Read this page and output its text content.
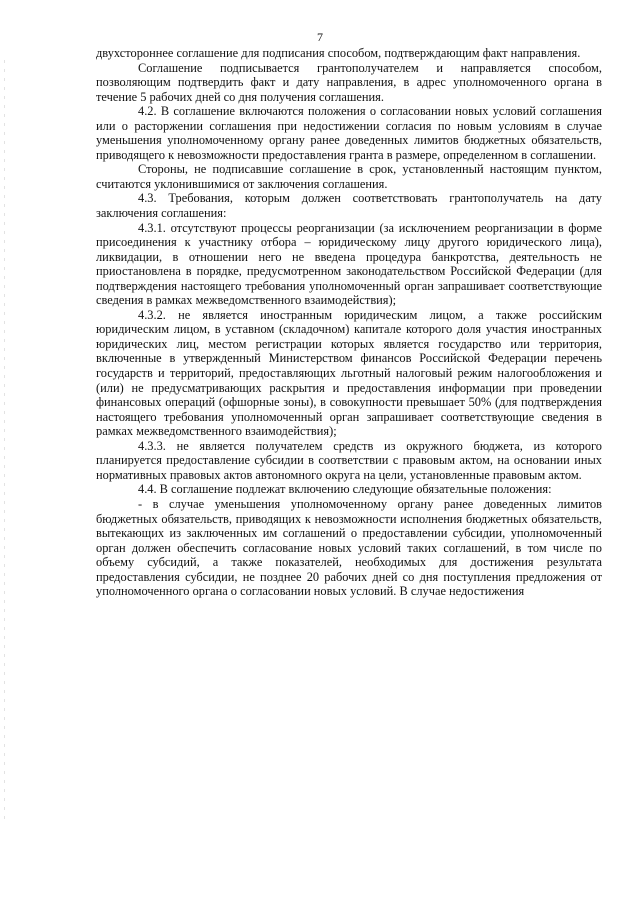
7

двухстороннее соглашение для подписания способом, подтверждающим факт направления.

Соглашение подписывается грантополучателем и направляется способом, позволяющим подтвердить факт и дату направления, в адрес уполномоченного органа в течение 5 рабочих дней со дня получения соглашения.

4.2. В соглашение включаются положения о согласовании новых условий соглашения или о расторжении соглашения при недостижении согласия по новым условиям в случае уменьшения уполномоченному органу ранее доведенных лимитов бюджетных обязательств, приводящего к невозможности предоставления гранта в размере, определенном в соглашении.

Стороны, не подписавшие соглашение в срок, установленный настоящим пунктом, считаются уклонившимися от заключения соглашения.

4.3. Требования, которым должен соответствовать грантополучатель на дату заключения соглашения:

4.3.1. отсутствуют процессы реорганизации (за исключением реорганизации в форме присоединения к участнику отбора – юридическому лицу другого юридического лица), ликвидации, в отношении него не введена процедура банкротства, деятельность не приостановлена в порядке, предусмотренном законодательством Российской Федерации (для подтверждения настоящего требования уполномоченный орган запрашивает соответствующие сведения в рамках межведомственного взаимодействия);

4.3.2. не является иностранным юридическим лицом, а также российским юридическим лицом, в уставном (складочном) капитале которого доля участия иностранных юридических лиц, местом регистрации которых является государство или территория, включенные в утвержденный Министерством финансов Российской Федерации перечень государств и территорий, предоставляющих льготный налоговый режим налогообложения и (или) не предусматривающих раскрытия и предоставления информации при проведении финансовых операций (офшорные зоны), в совокупности превышает 50% (для подтверждения настоящего требования уполномоченный орган запрашивает соответствующие сведения в рамках межведомственного взаимодействия);

4.3.3. не является получателем средств из окружного бюджета, из которого планируется предоставление субсидии в соответствии с правовым актом, на основании иных нормативных правовых актов автономного округа на цели, установленные правовым актом.

4.4. В соглашение подлежат включению следующие обязательные положения:

- в случае уменьшения уполномоченному органу ранее доведенных лимитов бюджетных обязательств, приводящих к невозможности исполнения бюджетных обязательств, вытекающих из заключенных им соглашений о предоставлении субсидии, уполномоченный орган должен обеспечить согласование новых условий таких соглашений, в том числе по объему субсидий, а также показателей, необходимых для достижения результата предоставления субсидии, не позднее 20 рабочих дней со дня поступления предложения от уполномоченного органа о согласовании новых условий. В случае недостижения
